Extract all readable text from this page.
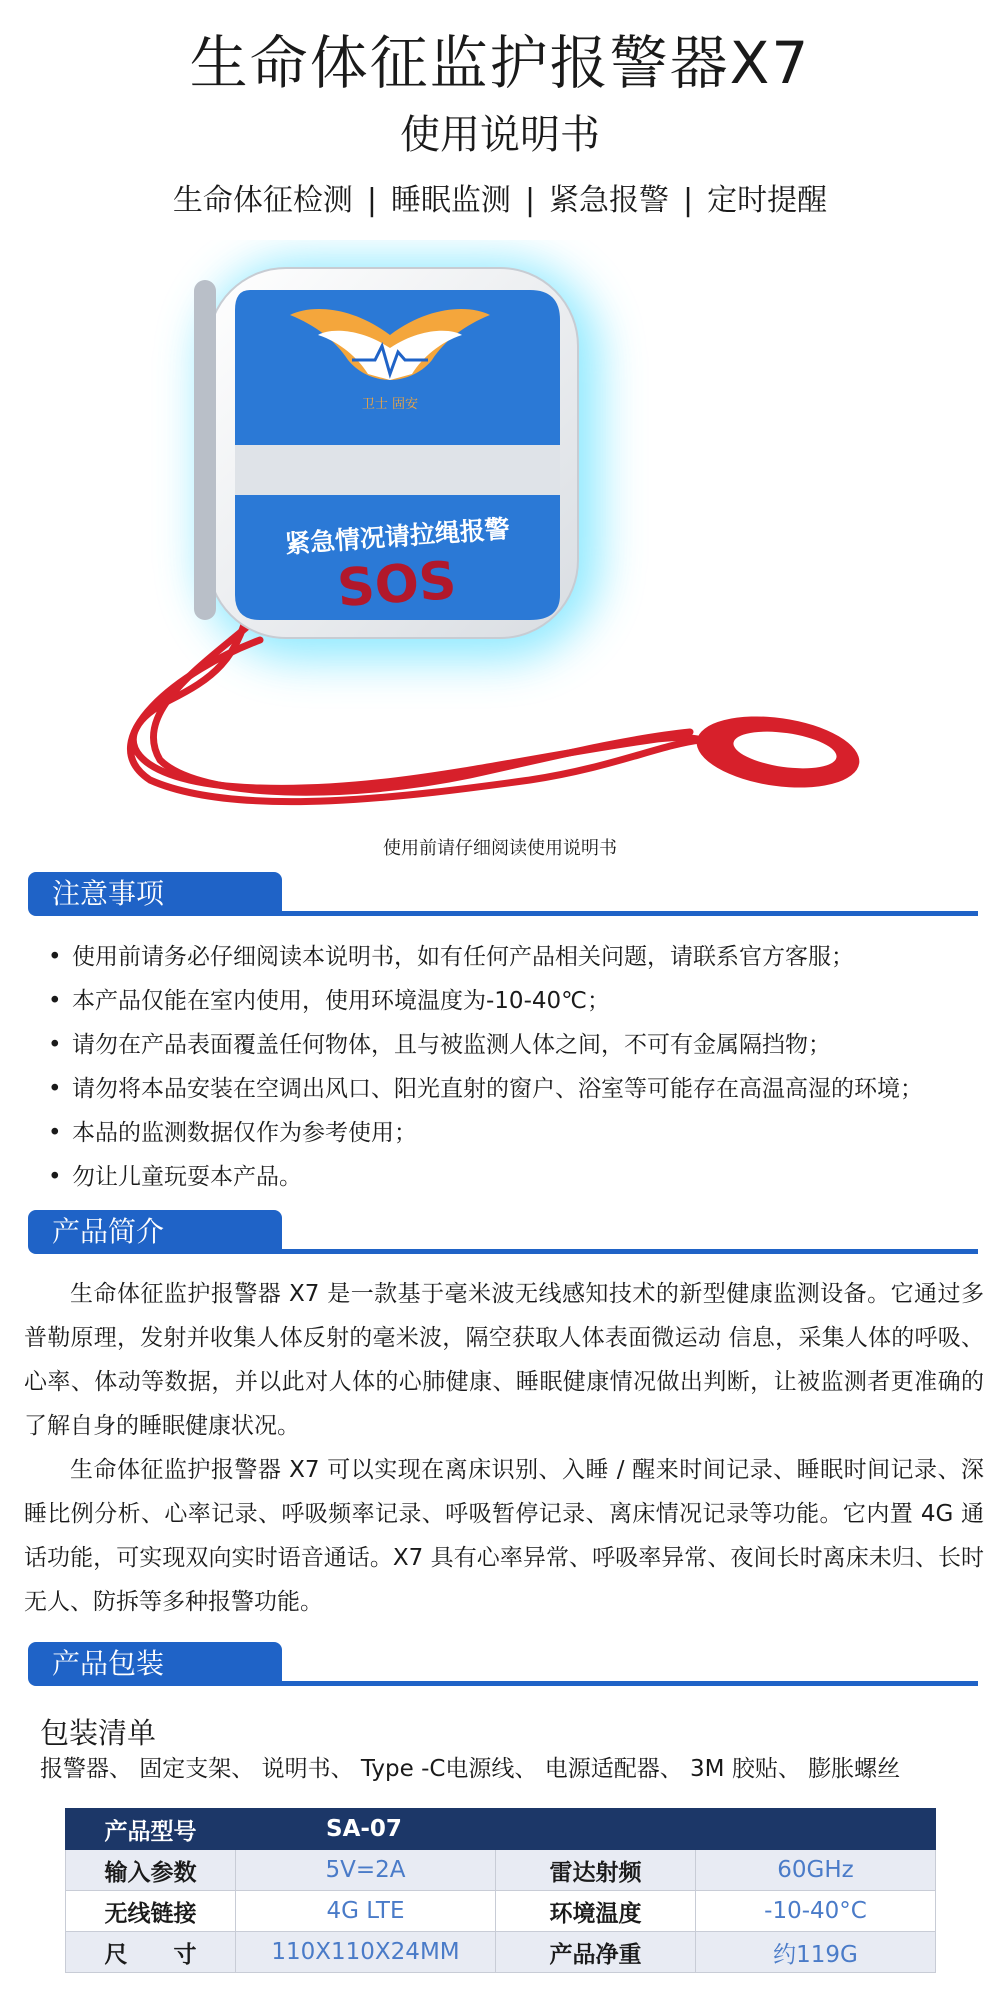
生命体征监护报警器X7
使用说明书
生命体征检测 | 睡眠监测 | 紧急报警 | 定时提醒
卫士 固安
紧急情况请拉绳报警
SOS
使用前请仔细阅读使用说明书
注意事项
• 使用前请务必仔细阅读本说明书，如有任何产品相关问题，请联系官方客服；
• 本产品仅能在室内使用，使用环境温度为-10-40℃；
• 请勿在产品表面覆盖任何物体，且与被监测人体之间，不可有金属隔挡物；
• 请勿将本品安装在空调出风口、阳光直射的窗户、浴室等可能存在高温高湿的环境；
• 本品的监测数据仅作为参考使用；
• 勿让儿童玩耍本产品。
产品简介

生命体征监护报警器 X7 是一款基于毫米波无线感知技术的新型健康监测设备。它通过多普勒原理，发射并收集人体反射的毫米波，隔空获取人体表面微运动 信息，采集人体的呼吸、心率、体动等数据，并以此对人体的心肺健康、睡眠健康情况做出判断，让被监测者更准确的了解自身的睡眠健康状况。

生命体征监护报警器 X7 可以实现在离床识别、入睡 / 醒来时间记录、睡眠时间记录、深睡比例分析、心率记录、呼吸频率记录、呼吸暂停记录、离床情况记录等功能。它内置 4G 通话功能，可实现双向实时语音通话。X7 具有心率异常、呼吸率异常、夜间长时离床未归、长时无人、防拆等多种报警功能。

产品包装
包装清单
报警器、 固定支架、 说明书、 Type -C电源线、 电源适配器、 3M 胶贴、 膨胀螺丝
产品型号	SA-07		
输入参数	5V=2A	雷达射频	60GHz
无线链接	4G LTE	环境温度	-10-40°C
尺　　寸	110X110X24MM	产品净重	约119G
